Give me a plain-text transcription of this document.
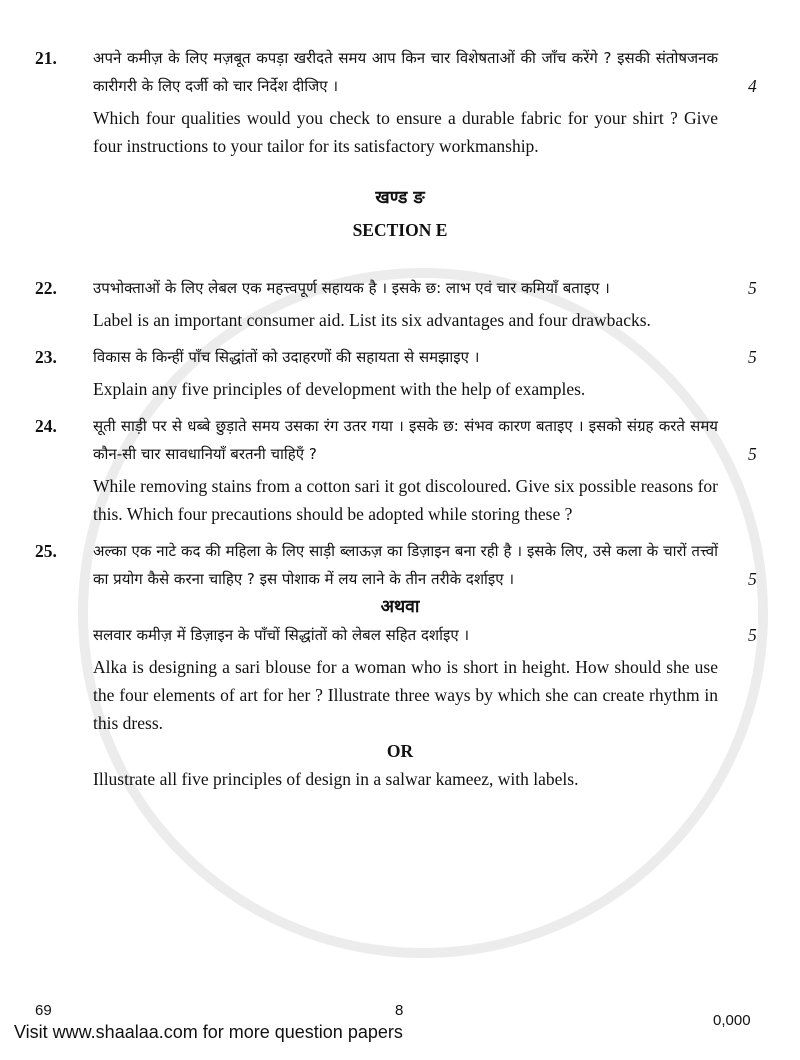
21.	अपने कमीज़ के लिए मज़बूत कपड़ा खरीदते समय आप किन चार विशेषताओं की जाँच करेंगे ? इसकी संतोषजनक कारीगरी के लिए दर्जी को चार निर्देश दीजिए ।	4
Which four qualities would you check to ensure a durable fabric for your shirt ? Give four instructions to your tailor for its satisfactory workmanship.
खण्ड ङ
SECTION E
22.	उपभोक्ताओं के लिए लेबल एक महत्त्वपूर्ण सहायक है । इसके छ: लाभ एवं चार कमियाँ बताइए ।	5
Label is an important consumer aid. List its six advantages and four drawbacks.
23.	विकास के किन्हीं पाँच सिद्धांतों को उदाहरणों की सहायता से समझाइए ।	5
Explain any five principles of development with the help of examples.
24.	सूती साड़ी पर से धब्बे छुड़ाते समय उसका रंग उतर गया । इसके छ: संभव कारण बताइए । इसको संग्रह करते समय कौन-सी चार सावधानियाँ बरतनी चाहिएँ ?	5
While removing stains from a cotton sari it got discoloured. Give six possible reasons for this. Which four precautions should be adopted while storing these ?
25.	अल्का एक नाटे कद की महिला के लिए साड़ी ब्लाऊज़ का डिज़ाइन बना रही है । इसके लिए, उसे कला के चारों तत्त्वों का प्रयोग कैसे करना चाहिए ? इस पोशाक में लय लाने के तीन तरीके दर्शाइए ।	5
अथवा
सलवार कमीज़ में डिज़ाइन के पाँचों सिद्धांतों को लेबल सहित दर्शाइए ।	5
Alka is designing a sari blouse for a woman who is short in height. How should she use the four elements of art for her ? Illustrate three ways by which she can create rhythm in this dress.
OR
Illustrate all five principles of design in a salwar kameez, with labels.
69	8
0,000
Visit www.shaalaa.com for more question papers
